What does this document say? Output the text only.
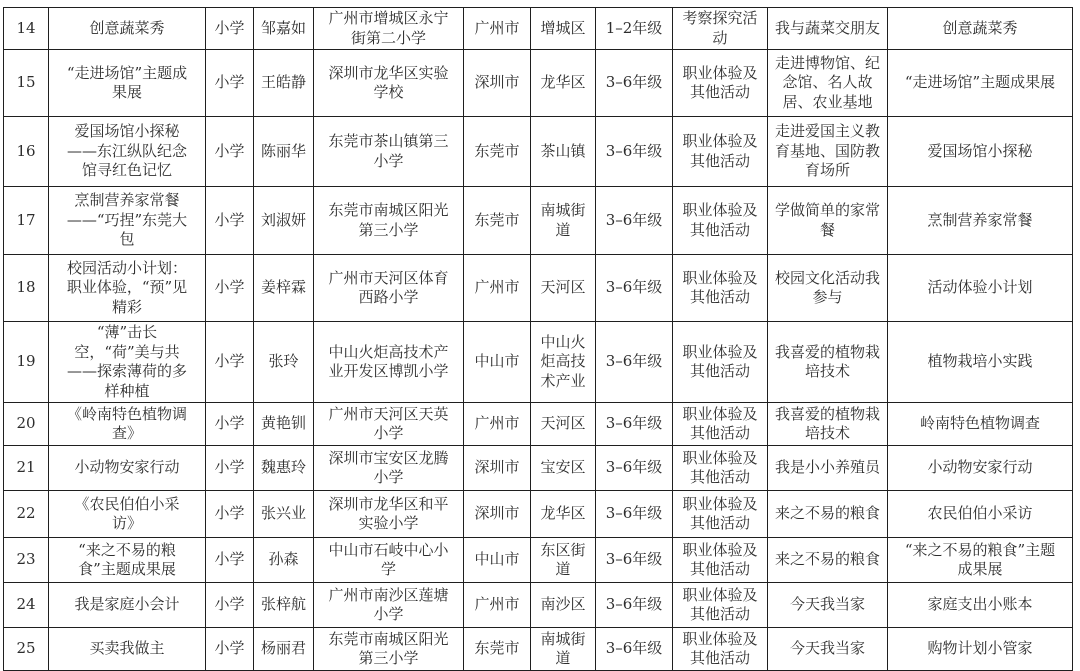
14	创意蔬菜秀	小学	邹嘉如	广州市增城区永宁街第二小学	广州市	增城区	1–2年级	考察探究活动	我与蔬菜交朋友	创意蔬菜秀
15	“走进场馆”主题成果展	小学	王皓静	深圳市龙华区实验学校	深圳市	龙华区	3–6年级	职业体验及其他活动	走进博物馆、纪念馆、名人故居、农业基地	“走进场馆”主题成果展
16	爱国场馆小探秘——东江纵队纪念馆寻红色记忆	小学	陈丽华	东莞市茶山镇第三小学	东莞市	茶山镇	3–6年级	职业体验及其他活动	走进爱国主义教育基地、国防教育场所	爱国场馆小探秘
17	烹制营养家常餐——“巧捏”东莞大包	小学	刘淑妍	东莞市南城区阳光第三小学	东莞市	南城街道	3–6年级	职业体验及其他活动	学做简单的家常餐	烹制营养家常餐
18	校园活动小计划：职业体验，“预”见精彩	小学	姜梓霖	广州市天河区体育西路小学	广州市	天河区	3–6年级	职业体验及其他活动	校园文化活动我参与	活动体验小计划
19	“薄”击长空，“荷”美与共——探索薄荷的多样种植	小学	张玲	中山火炬高技术产业开发区博凯小学	中山市	中山火炬高技术产业	3–6年级	职业体验及其他活动	我喜爱的植物栽培技术	植物栽培小实践
20	《岭南特色植物调查》	小学	黄艳钏	广州市天河区天英小学	广州市	天河区	3–6年级	职业体验及其他活动	我喜爱的植物栽培技术	岭南特色植物调查
21	小动物安家行动	小学	魏惠玲	深圳市宝安区龙腾小学	深圳市	宝安区	3–6年级	职业体验及其他活动	我是小小养殖员	小动物安家行动
22	《农民伯伯小采访》	小学	张兴业	深圳市龙华区和平实验小学	深圳市	龙华区	3–6年级	职业体验及其他活动	来之不易的粮食	农民伯伯小采访
23	“来之不易的粮食”主题成果展	小学	孙森	中山市石岐中心小学	中山市	东区街道	3–6年级	职业体验及其他活动	来之不易的粮食	“来之不易的粮食”主题成果展
24	我是家庭小会计	小学	张梓航	广州市南沙区莲塘小学	广州市	南沙区	3–6年级	职业体验及其他活动	今天我当家	家庭支出小账本
25	买卖我做主	小学	杨丽君	东莞市南城区阳光第三小学	东莞市	南城街道	3–6年级	职业体验及其他活动	今天我当家	购物计划小管家
